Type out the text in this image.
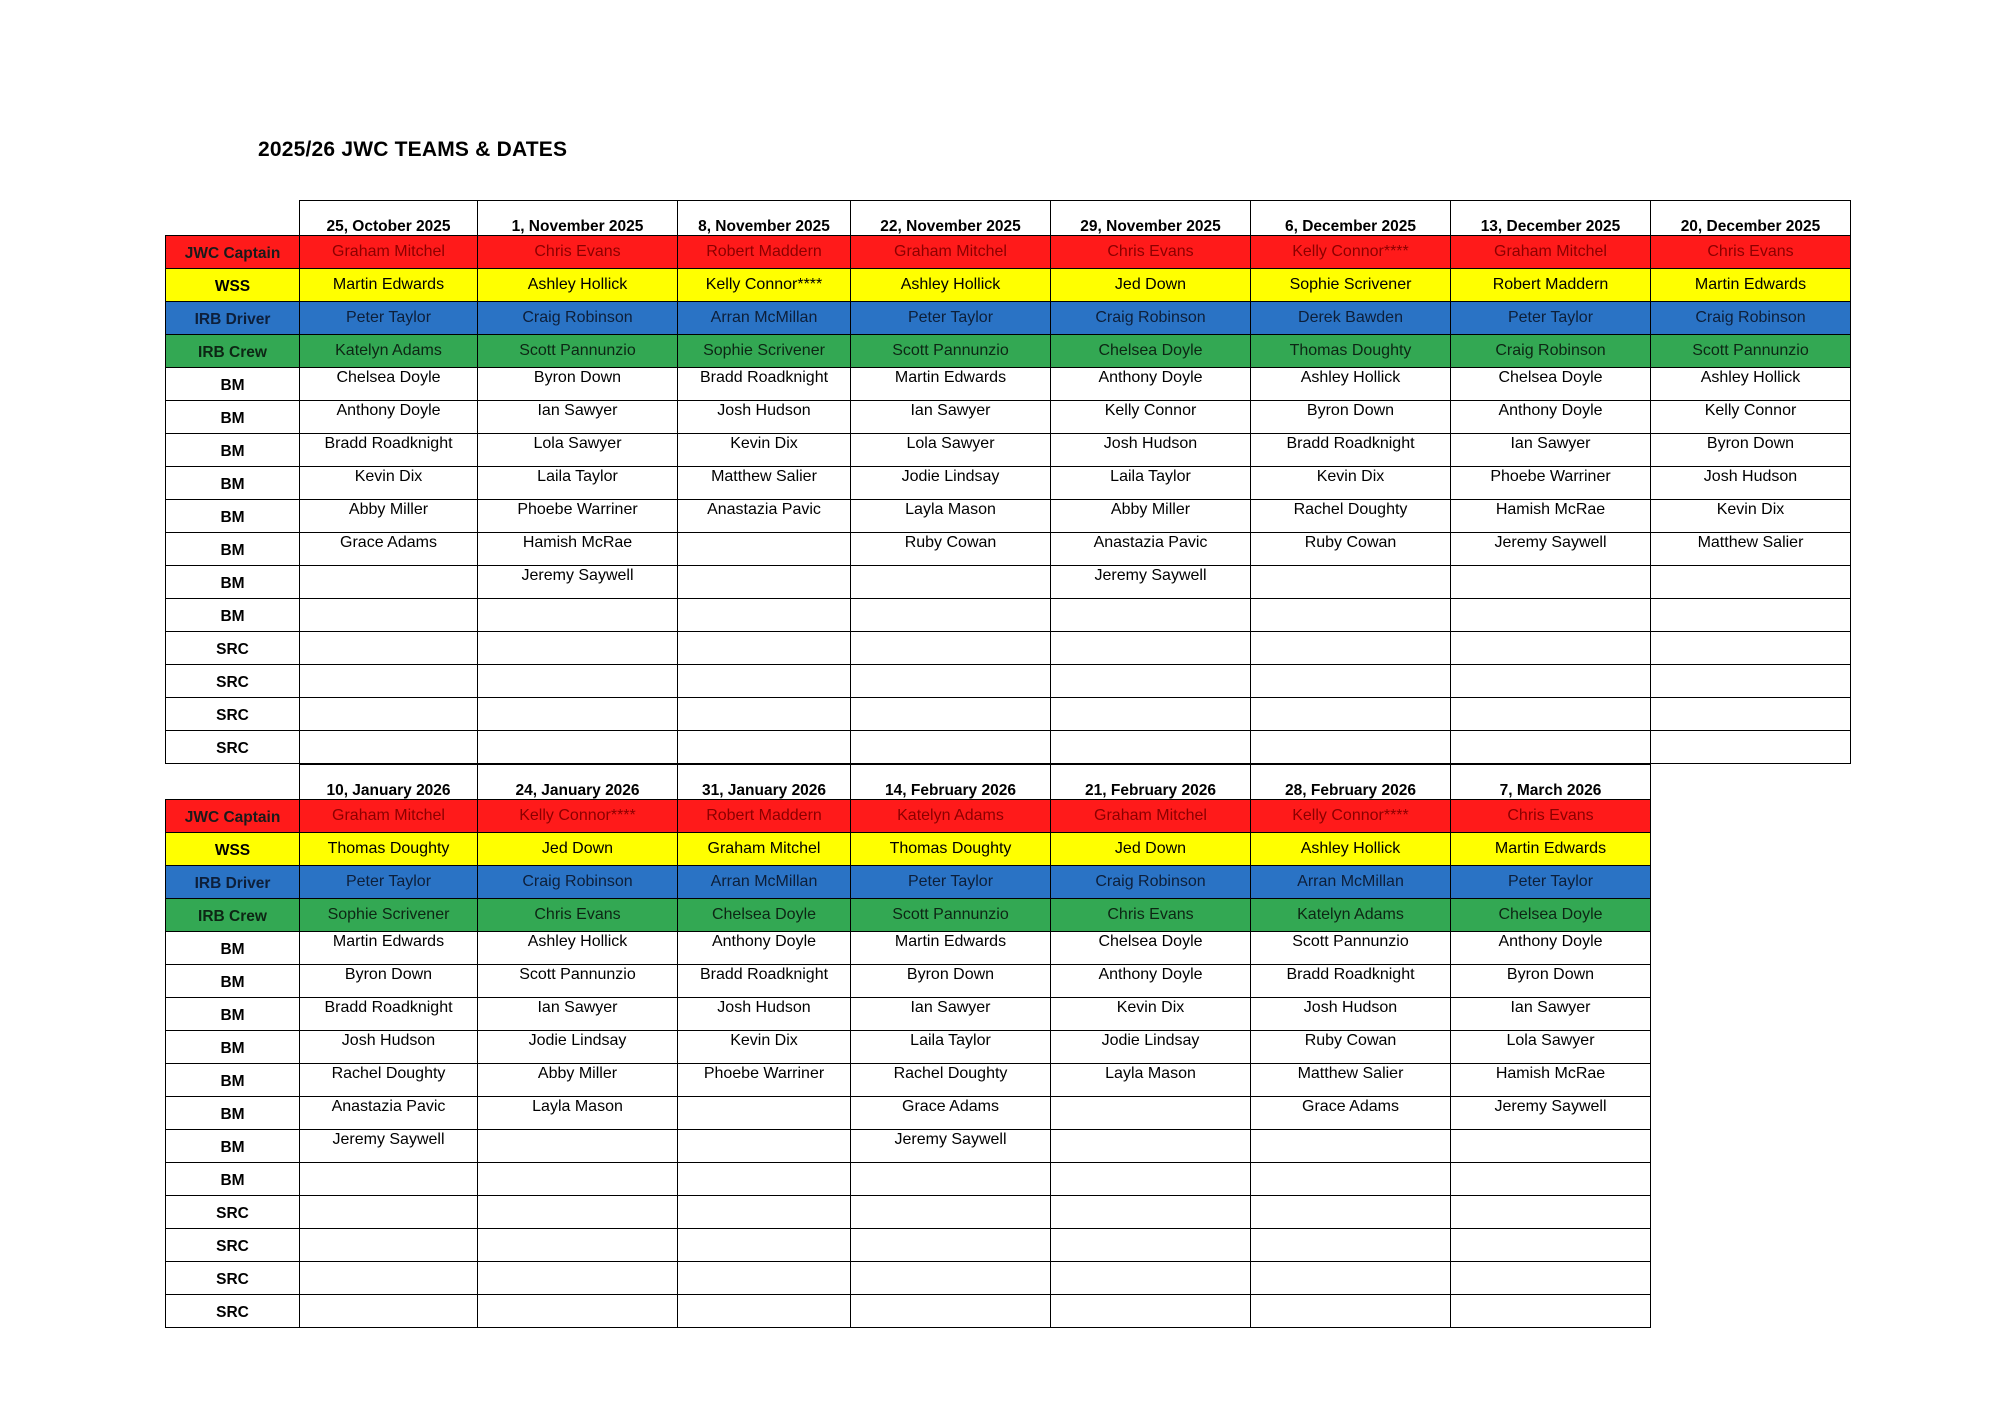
2025/26 JWC TEAMS & DATES
	25, October 2025	1, November 2025	8, November 2025	22, November 2025	29, November 2025	6, December 2025	13, December 2025	20, December 2025
JWC Captain	Graham Mitchel	Chris Evans	Robert Maddern	Graham Mitchel	Chris Evans	Kelly Connor****	Graham Mitchel	Chris Evans
WSS	Martin Edwards	Ashley Hollick	Kelly Connor****	Ashley Hollick	Jed Down	Sophie Scrivener	Robert Maddern	Martin Edwards
IRB Driver	Peter Taylor	Craig Robinson	Arran McMillan	Peter Taylor	Craig Robinson	Derek Bawden	Peter Taylor	Craig Robinson
IRB Crew	Katelyn Adams	Scott Pannunzio	Sophie Scrivener	Scott Pannunzio	Chelsea Doyle	Thomas Doughty	Craig Robinson	Scott Pannunzio
BM	Chelsea Doyle	Byron Down	Bradd Roadknight	Martin Edwards	Anthony Doyle	Ashley Hollick	Chelsea Doyle	Ashley Hollick
BM	Anthony Doyle	Ian Sawyer	Josh Hudson	Ian Sawyer	Kelly Connor	Byron Down	Anthony Doyle	Kelly Connor
BM	Bradd Roadknight	Lola Sawyer	Kevin Dix	Lola Sawyer	Josh Hudson	Bradd Roadknight	Ian Sawyer	Byron Down
BM	Kevin Dix	Laila Taylor	Matthew Salier	Jodie Lindsay	Laila Taylor	Kevin Dix	Phoebe Warriner	Josh Hudson
BM	Abby Miller	Phoebe Warriner	Anastazia Pavic	Layla Mason	Abby Miller	Rachel Doughty	Hamish McRae	Kevin Dix
BM	Grace Adams	Hamish McRae		Ruby Cowan	Anastazia Pavic	Ruby Cowan	Jeremy Saywell	Matthew Salier
BM		Jeremy Saywell			Jeremy Saywell			
BM								
SRC								
SRC								
SRC								
SRC								
	10, January 2026	24, January 2026	31, January 2026	14, February 2026	21, February 2026	28, February 2026	7, March 2026
JWC Captain	Graham Mitchel	Kelly Connor****	Robert Maddern	Katelyn Adams	Graham Mitchel	Kelly Connor****	Chris Evans
WSS	Thomas Doughty	Jed Down	Graham Mitchel	Thomas Doughty	Jed Down	Ashley Hollick	Martin Edwards
IRB Driver	Peter Taylor	Craig Robinson	Arran McMillan	Peter Taylor	Craig Robinson	Arran McMillan	Peter Taylor
IRB Crew	Sophie Scrivener	Chris Evans	Chelsea Doyle	Scott Pannunzio	Chris Evans	Katelyn Adams	Chelsea Doyle
BM	Martin Edwards	Ashley Hollick	Anthony Doyle	Martin Edwards	Chelsea Doyle	Scott Pannunzio	Anthony Doyle
BM	Byron Down	Scott Pannunzio	Bradd Roadknight	Byron Down	Anthony Doyle	Bradd Roadknight	Byron Down
BM	Bradd Roadknight	Ian Sawyer	Josh Hudson	Ian Sawyer	Kevin Dix	Josh Hudson	Ian Sawyer
BM	Josh Hudson	Jodie Lindsay	Kevin Dix	Laila Taylor	Jodie Lindsay	Ruby Cowan	Lola Sawyer
BM	Rachel Doughty	Abby Miller	Phoebe Warriner	Rachel Doughty	Layla Mason	Matthew Salier	Hamish McRae
BM	Anastazia Pavic	Layla Mason		Grace Adams		Grace Adams	Jeremy Saywell
BM	Jeremy Saywell			Jeremy Saywell			
BM							
SRC							
SRC							
SRC							
SRC							
